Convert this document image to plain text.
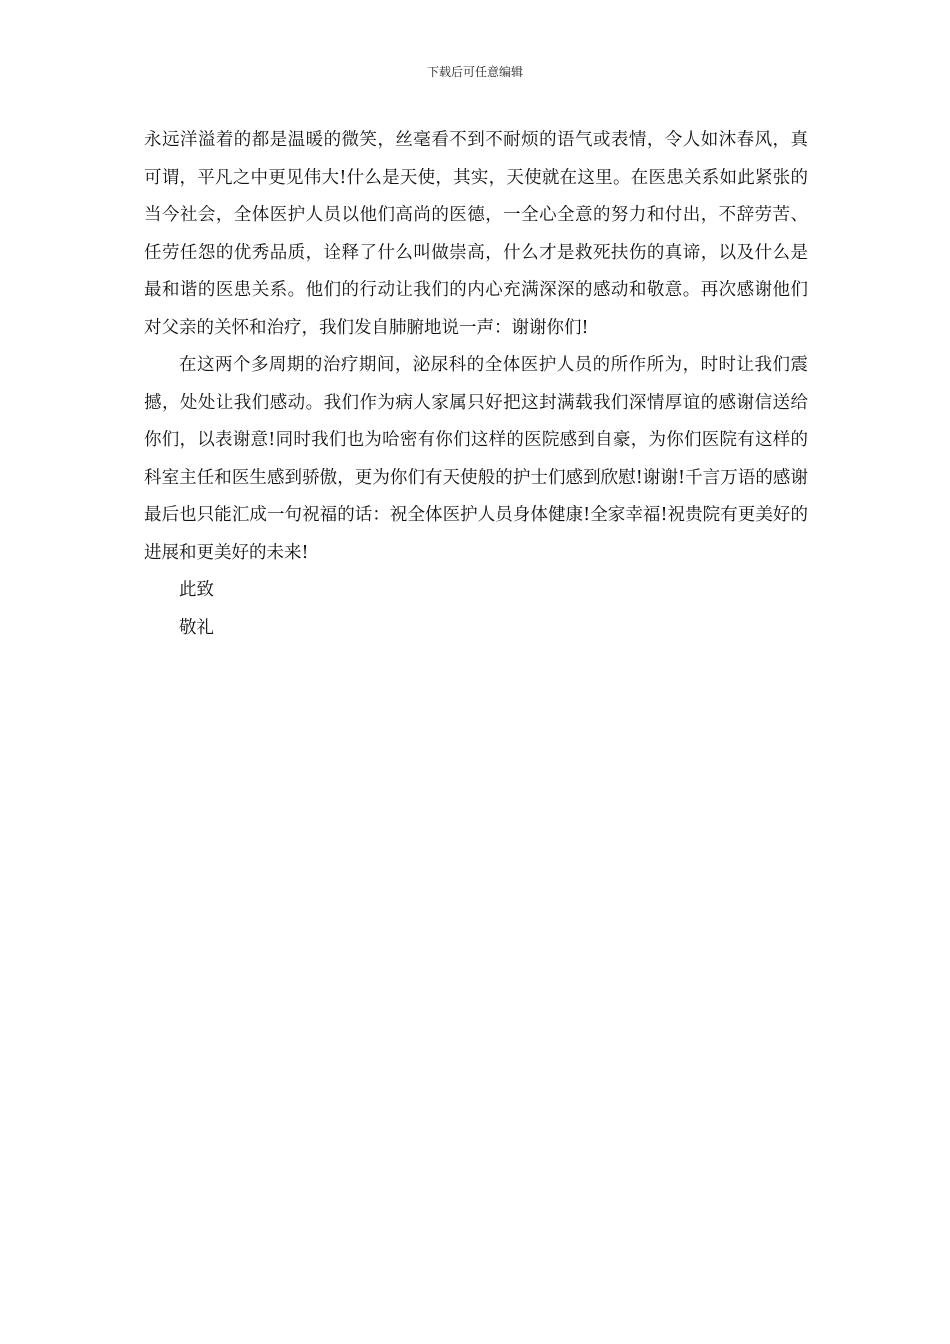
下载后可任意编辑

永远洋溢着的都是温暖的微笑，丝毫看不到不耐烦的语气或表情，令人如沐春风，真可谓，平凡之中更见伟大!什么是天使，其实，天使就在这里。在医患关系如此紧张的当今社会，全体医护人员以他们高尚的医德，一全心全意的努力和付出，不辞劳苦、任劳任怨的优秀品质，诠释了什么叫做崇高，什么才是救死扶伤的真谛，以及什么是最和谐的医患关系。他们的行动让我们的内心充满深深的感动和敬意。再次感谢他们对父亲的关怀和治疗，我们发自肺腑地说一声：谢谢你们!

在这两个多周期的治疗期间，泌尿科的全体医护人员的所作所为，时时让我们震撼，处处让我们感动。我们作为病人家属只好把这封满载我们深情厚谊的感谢信送给你们，以表谢意!同时我们也为哈密有你们这样的医院感到自豪，为你们医院有这样的科室主任和医生感到骄傲，更为你们有天使般的护士们感到欣慰!谢谢!千言万语的感谢最后也只能汇成一句祝福的话：祝全体医护人员身体健康!全家幸福!祝贵院有更美好的进展和更美好的未来!

此致

敬礼
